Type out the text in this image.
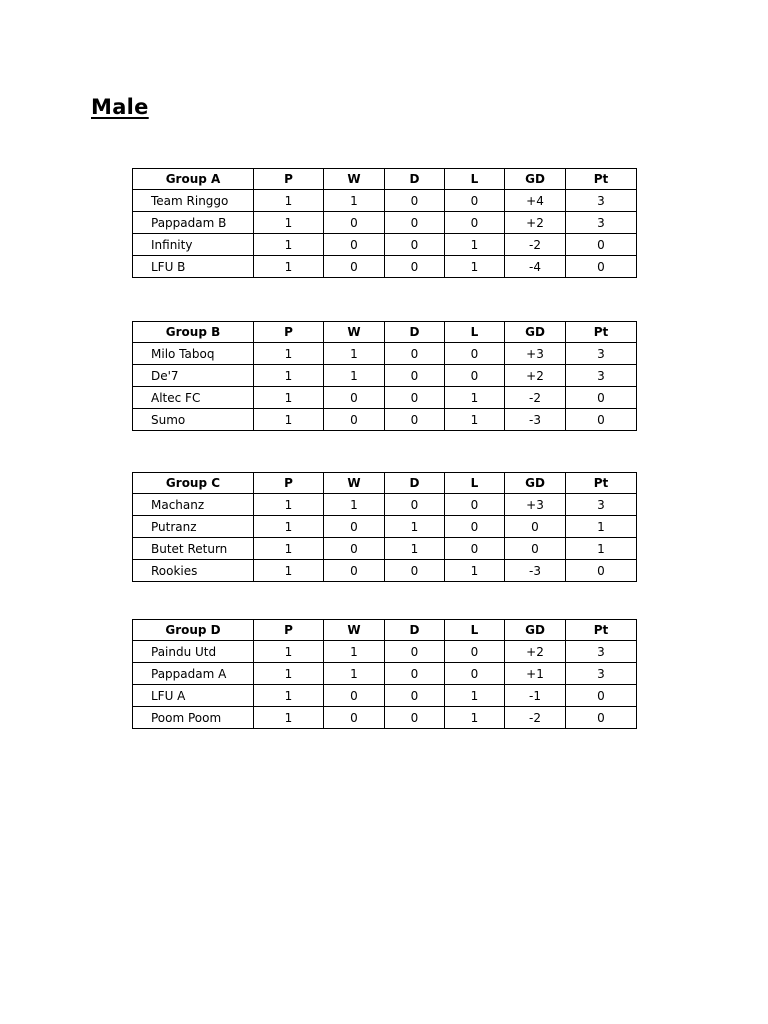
Male
Group A	P	W	D	L	GD	Pt
Team Ringgo	1	1	0	0	+4	3
Pappadam B	1	0	0	0	+2	3
Infinity	1	0	0	1	-2	0
LFU B	1	0	0	1	-4	0
Group B	P	W	D	L	GD	Pt
Milo Taboq	1	1	0	0	+3	3
De'7	1	1	0	0	+2	3
Altec FC	1	0	0	1	-2	0
Sumo	1	0	0	1	-3	0
Group C	P	W	D	L	GD	Pt
Machanz	1	1	0	0	+3	3
Putranz	1	0	1	0	0	1
Butet Return	1	0	1	0	0	1
Rookies	1	0	0	1	-3	0
Group D	P	W	D	L	GD	Pt
Paindu Utd	1	1	0	0	+2	3
Pappadam A	1	1	0	0	+1	3
LFU A	1	0	0	1	-1	0
Poom Poom	1	0	0	1	-2	0
